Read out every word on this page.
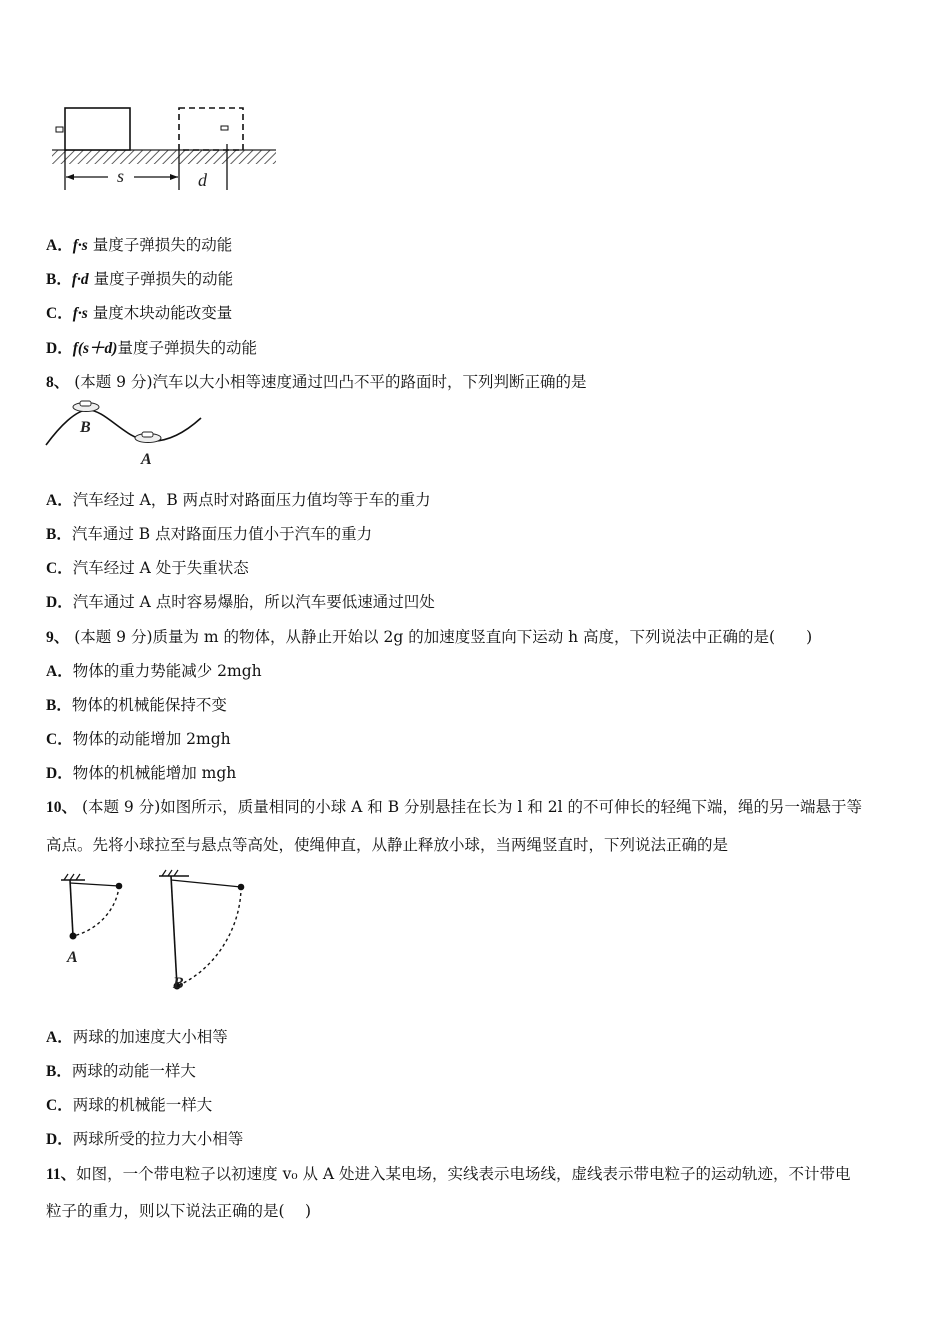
s	d
A．f·s 量度子弹损失的动能
B．f·d 量度子弹损失的动能
C．f·s 量度木块动能改变量
D．f(s＋d)量度子弹损失的动能
8、 (本题 9 分)汽车以大小相等速度通过凹凸不平的路面时，下列判断正确的是
B
A
A．汽车经过 A，B 两点时对路面压力值均等于车的重力
B．汽车通过 B 点对路面压力值小于汽车的重力
C．汽车经过 A 处于失重状态
D．汽车通过 A 点时容易爆胎，所以汽车要低速通过凹处
9、 (本题 9 分)质量为 m 的物体，从静止开始以 2g 的加速度竖直向下运动 h 高度，下列说法中正确的是(　　)
A．物体的重力势能减少 2mgh
B．物体的机械能保持不变
C．物体的动能增加 2mgh
D．物体的机械能增加 mgh
10、 (本题 9 分)如图所示，质量相同的小球 A 和 B 分别悬挂在长为 l 和 2l 的不可伸长的轻绳下端，绳的另一端悬于等
高点。先将小球拉至与悬点等高处，使绳伸直，从静止释放小球，当两绳竖直时，下列说法正确的是
A
B
A．两球的加速度大小相等
B．两球的动能一样大
C．两球的机械能一样大
D．两球所受的拉力大小相等
11、如图，一个带电粒子以初速度 v₀ 从 A 处进入某电场，实线表示电场线，虚线表示带电粒子的运动轨迹，不计带电
粒子的重力，则以下说法正确的是(　 )
